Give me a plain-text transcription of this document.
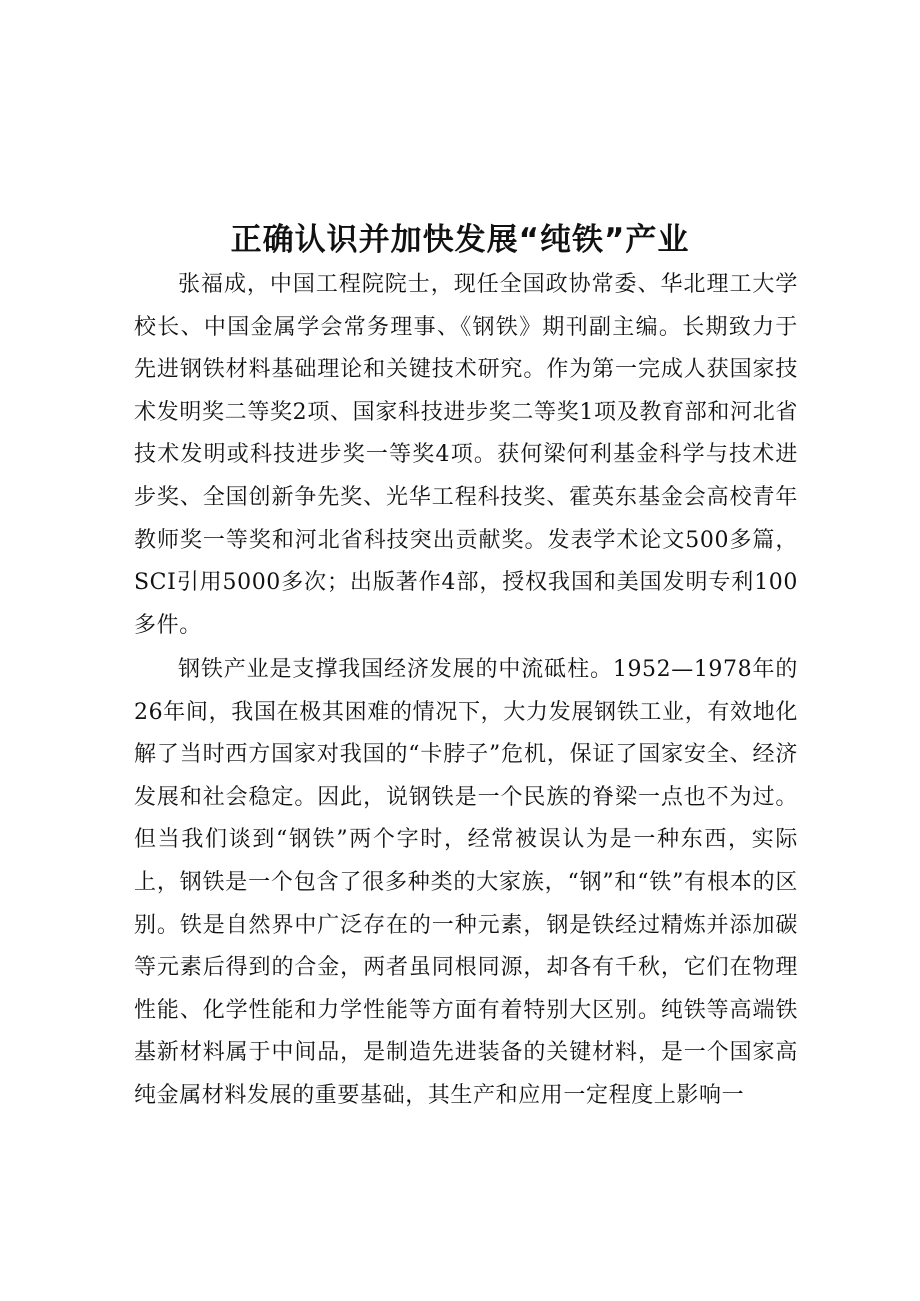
正确认识并加快发展“纯铁”产业

张福成，中国工程院院士，现任全国政协常委、华北理工大学校长、中国金属学会常务理事、《钢铁》期刊副主编。长期致力于先进钢铁材料基础理论和关键技术研究。作为第一完成人获国家技术发明奖二等奖2项、国家科技进步奖二等奖1项及教育部和河北省技术发明或科技进步奖一等奖4项。获何梁何利基金科学与技术进步奖、全国创新争先奖、光华工程科技奖、霍英东基金会高校青年教师奖一等奖和河北省科技突出贡献奖。发表学术论文500多篇，SCI引用5000多次；出版著作4部，授权我国和美国发明专利100多件。

钢铁产业是支撑我国经济发展的中流砥柱。1952—1978年的26年间，我国在极其困难的情况下，大力发展钢铁工业，有效地化解了当时西方国家对我国的“卡脖子”危机，保证了国家安全、经济发展和社会稳定。因此，说钢铁是一个民族的脊梁一点也不为过。但当我们谈到“钢铁”两个字时，经常被误认为是一种东西，实际上，钢铁是一个包含了很多种类的大家族，“钢”和“铁”有根本的区别。铁是自然界中广泛存在的一种元素，钢是铁经过精炼并添加碳等元素后得到的合金，两者虽同根同源，却各有千秋，它们在物理性能、化学性能和力学性能等方面有着特别大区别。纯铁等高端铁基新材料属于中间品，是制造先进装备的关键材料，是一个国家高纯金属材料发展的重要基础，其生产和应用一定程度上影响一
